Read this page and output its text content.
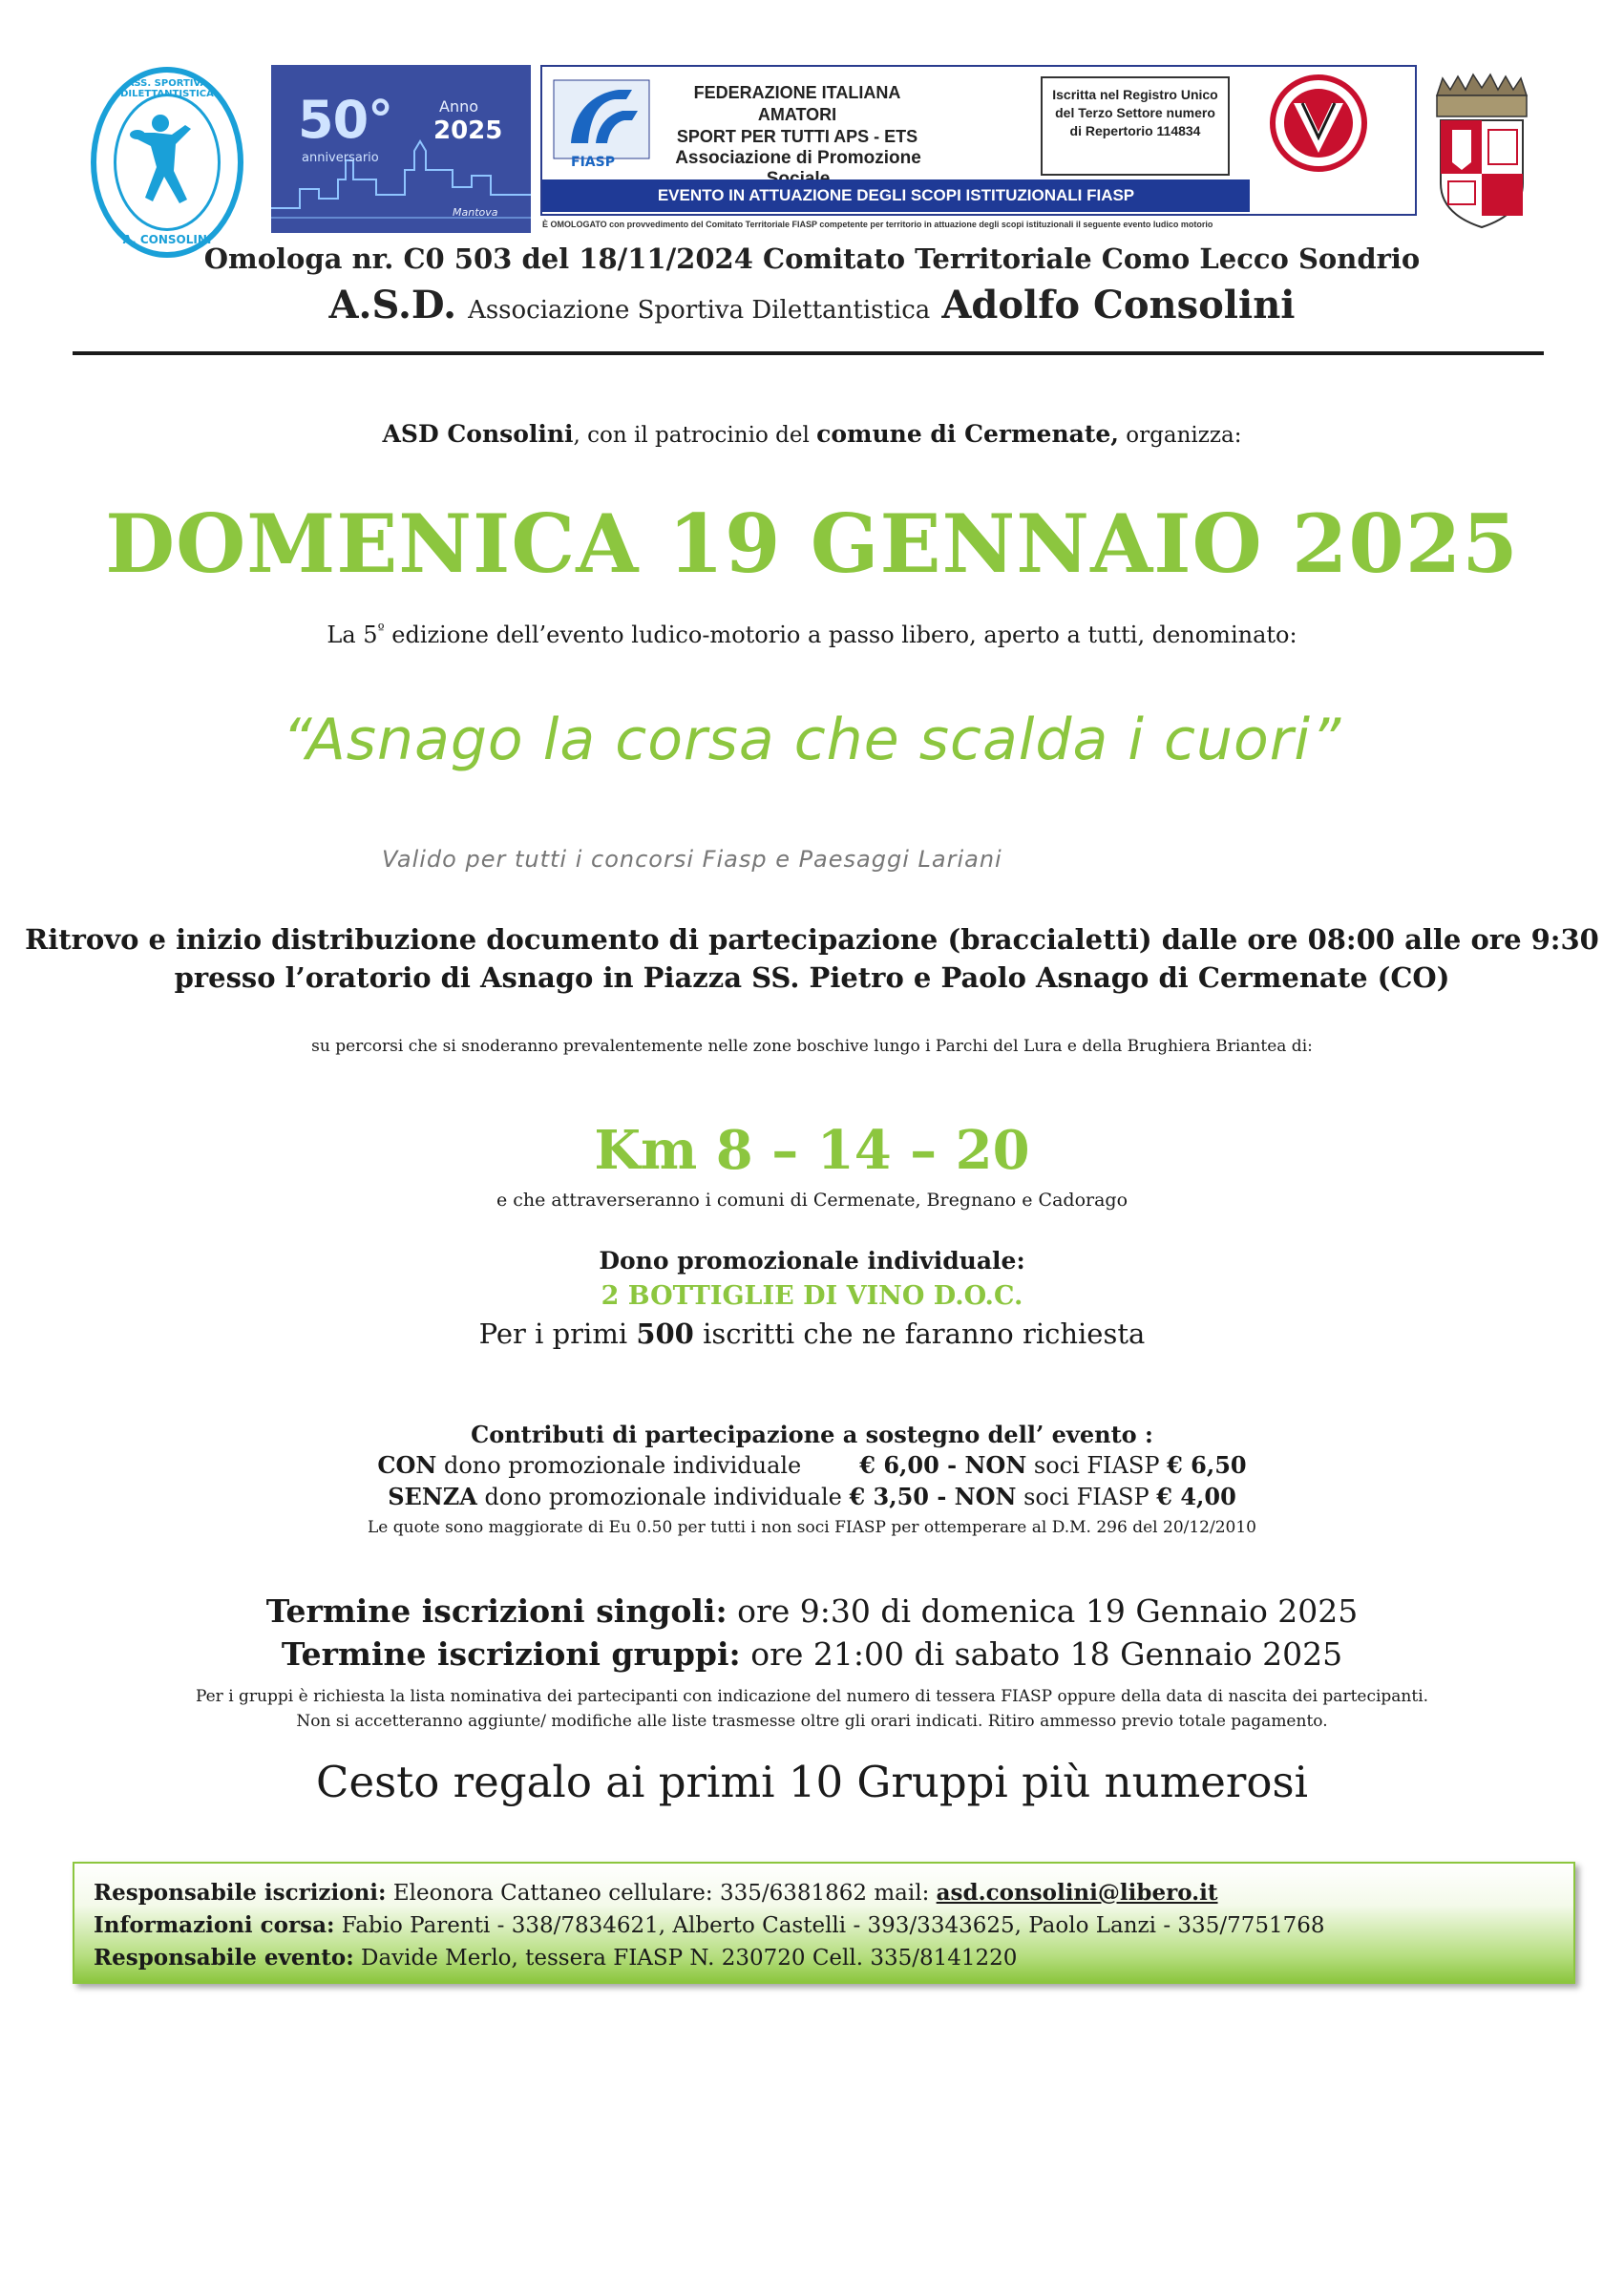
ASS. SPORTIVA DILETTANTISTICA
A. CONSOLINI
50°
anniversario
Anno
2025
Mantova
FIASP
FEDERAZIONE ITALIANA AMATORI
SPORT PER TUTTI APS - ETS
Associazione di Promozione
Iscritta nel Registro Unico
del Terzo Settore numero
di Repertorio 114834
EVENTO IN ATTUAZIONE DEGLI SCOPI ISTITUZIONALI FIASP
È OMOLOGATO con provvedimento del Comitato Territoriale FIASP competente per territorio in attuazione degli scopi istituzionali il seguente evento ludico motorio
Omologa nr. C0 503 del 18/11/2024 Comitato Territoriale Como Lecco Sondrio
A.S.D. Associazione Sportiva Dilettantistica Adolfo Consolini
ASD Consolini, con il patrocinio del comune di Cermenate, organizza:
DOMENICA 19 GENNAIO 2025
La $5^º$ edizione dell’evento ludico-motorio a passo libero, aperto a tutti, denominato:
“Asnago la corsa che scalda i cuori”
Valido per tutti i concorsi Fiasp e Paesaggi Lariani
Ritrovo e inizio distribuzione documento di partecipazione (braccialetti) dalle ore 08:00 alle ore 9:30
presso l’oratorio di Asnago in Piazza SS. Pietro e Paolo Asnago di Cermenate (CO)
su percorsi che si snoderanno prevalentemente nelle zone boschive lungo i Parchi del Lura e della Brughiera Briantea di:
Km 8 – 14 – 20
e che attraverseranno i comuni di Cermenate, Bregnano e Cadorago
Dono promozionale individuale:
2 BOTTIGLIE DI VINO D.O.C.
Per i primi 500 iscritti che ne faranno richiesta
Contributi di partecipazione a sostegno dell’ evento :
CON dono promozionale individuale        € 6,00 - NON soci FIASP € 6,50
SENZA dono promozionale individuale € 3,50 - NON soci FIASP € 4,00
Le quote sono maggiorate di Eu 0.50 per tutti i non soci FIASP per ottemperare al D.M. 296 del 20/12/2010
Termine iscrizioni singoli: ore 9:30 di domenica 19 Gennaio 2025
Termine iscrizioni gruppi: ore 21:00 di sabato 18 Gennaio 2025
Per i gruppi è richiesta la lista nominativa dei partecipanti con indicazione del numero di tessera FIASP oppure della data di nascita dei partecipanti.
Non si accetteranno aggiunte/ modifiche alle liste trasmesse oltre gli orari indicati. Ritiro ammesso previo totale pagamento.
Cesto regalo ai primi 10 Gruppi più numerosi
Responsabile iscrizioni: Eleonora Cattaneo cellulare: 335/6381862 mail: asd.consolini@libero.it
Informazioni corsa: Fabio Parenti - 338/7834621, Alberto Castelli - 393/3343625, Paolo Lanzi - 335/7751768
Responsabile evento: Davide Merlo, tessera FIASP N. 230720 Cell. 335/8141220
